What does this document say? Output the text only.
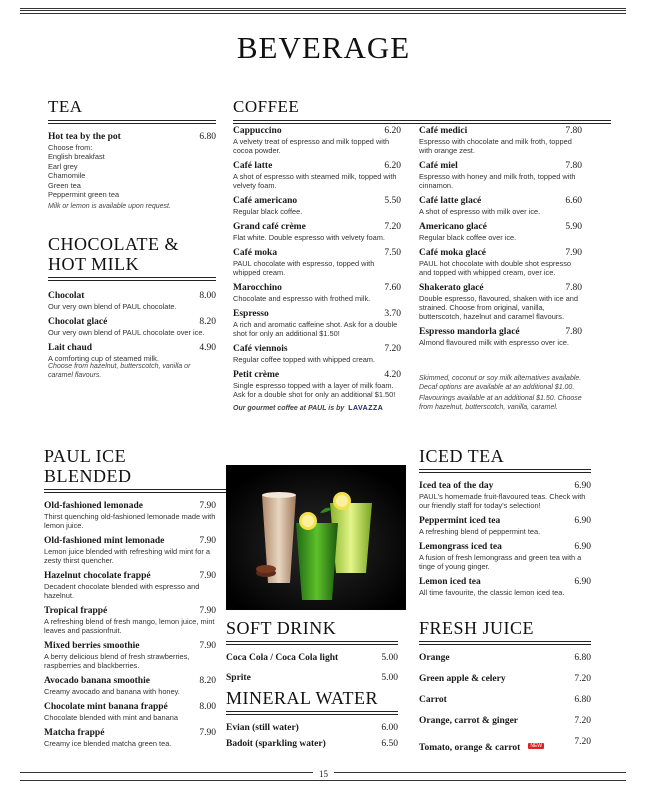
BEVERAGE
TEA
Hot tea by the pot	6.80
Choose from:
English breakfast
Earl grey
Chamomile
Green tea
Peppermint green tea
Milk or lemon is available upon request.
CHOCOLATE &
HOT MILK
Chocolat	8.00
Our very own blend of PAUL chocolate.
Chocolat glacé	8.20
Our very own blend of PAUL chocolate over ice.
Lait chaud	4.90
A comforting cup of steamed milk.
Choose from hazelnut, butterscotch, vanilla or caramel flavours.
COFFEE
Cappuccino	6.20
A velvety treat of espresso and milk topped with cocoa powder.
Café latte	6.20
A shot of espresso with steamed milk, topped with velvety foam.
Café americano	5.50
Regular black coffee.
Grand café crème	7.20
Flat white. Double espresso with velvety foam.
Café moka	7.50
PAUL chocolate with espresso, topped with whipped cream.
Marocchino	7.60
Chocolate and espresso with frothed milk.
Espresso	3.70
A rich and aromatic caffeine shot. Ask for a double shot for only an additional $1.50!
Café viennois	7.20
Regular coffee topped with whipped cream.
Petit crème	4.20
Single espresso topped with a layer of milk foam. Ask for a double shot for only an additional $1.50!
Our gourmet coffee at PAUL is by LAVAZZA
Café medici	7.80
Espresso with chocolate and milk froth, topped with orange zest.
Café miel	7.80
Espresso with honey and milk froth, topped with cinnamon.
Café latte glacé	6.60
A shot of espresso with milk over ice.
Americano glacé	5.90
Regular black coffee over ice.
Café moka glacé	7.90
PAUL hot chocolate with double shot espresso and topped with whipped cream, over ice.
Shakerato glacé	7.80
Double espresso, flavoured, shaken with ice and strained. Choose from original, vanilla, butterscotch, hazelnut and caramel flavours.
Espresso mandorla glacé	7.80
Almond flavoured milk with espresso over ice.
Skimmed, coconut or soy milk alternatives available. Decaf options are available at an additional $1.00.
Flavourings available at an additional $1.50. Choose from hazelnut, butterscotch, vanilla, caramel.
PAUL ICE BLENDED
Old-fashioned lemonade	7.90
Thirst quenching old-fashioned lemonade made with lemon juice.
Old-fashioned mint lemonade	7.90
Lemon juice blended with refreshing wild mint for a zesty thirst quencher.
Hazelnut chocolate frappé	7.90
Decadent chocolate blended with espresso and hazelnut.
Tropical frappé	7.90
A refreshing blend of fresh mango, lemon juice, mint leaves and passionfruit.
Mixed berries smoothie	7.90
A berry delicious blend of fresh strawberries, raspberries and blackberries.
Avocado banana smoothie	8.20
Creamy avocado and banana with honey.
Chocolate mint banana frappé	8.00
Chocolate blended with mint and banana
Matcha frappé	7.90
Creamy ice blended matcha green tea.
SOFT DRINK
Coca Cola / Coca Cola light	5.00
Sprite	5.00
MINERAL WATER
Evian (still water)	6.00
Badoit (sparkling water)	6.50
ICED TEA
Iced tea of the day	6.90
PAUL's homemade fruit-flavoured teas. Check with our friendly staff for today's selection!
Peppermint iced tea	6.90
A refreshing blend of peppermint tea.
Lemongrass iced tea	6.90
A fusion of fresh lemongrass and green tea with a tinge of young ginger.
Lemon iced tea	6.90
All time favourite, the classic lemon iced tea.
FRESH JUICE
Orange	6.80
Green apple & celery	7.20
Carrot	6.80
Orange, carrot & ginger	7.20
Tomato, orange & carrot NEW	7.20
15
